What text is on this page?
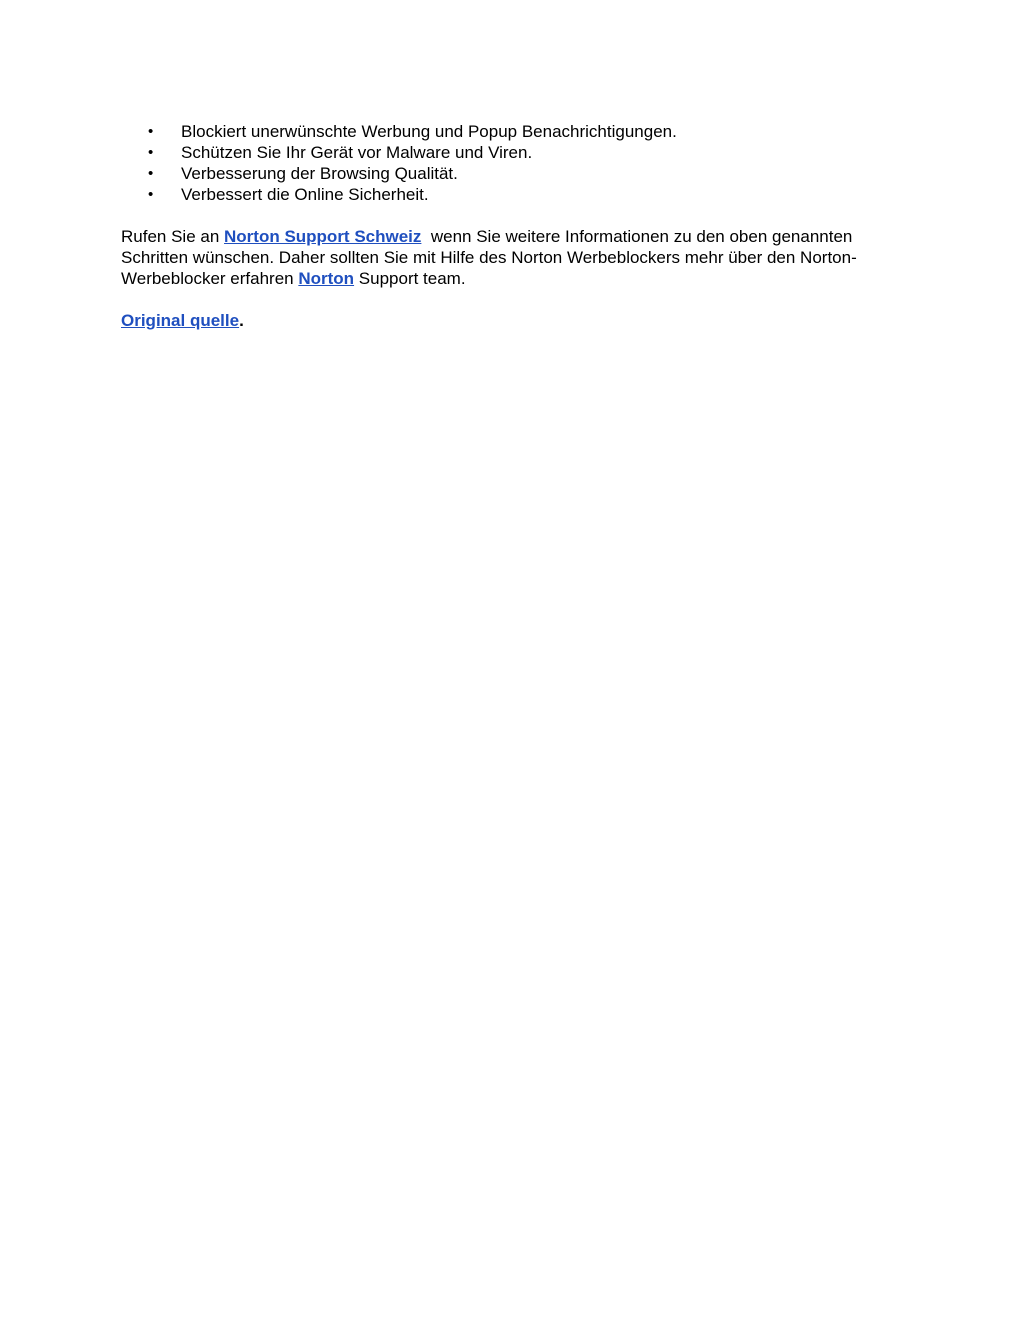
• Blockiert unerwünschte Werbung und Popup Benachrichtigungen.
• Schützen Sie Ihr Gerät vor Malware und Viren.
• Verbesserung der Browsing Qualität.
• Verbessert die Online Sicherheit.

Rufen Sie an Norton Support Schweiz  wenn Sie weitere Informationen zu den oben genannten Schritten wünschen. Daher sollten Sie mit Hilfe des Norton Werbeblockers mehr über den Norton-Werbeblocker erfahren Norton Support team.

Original quelle.
